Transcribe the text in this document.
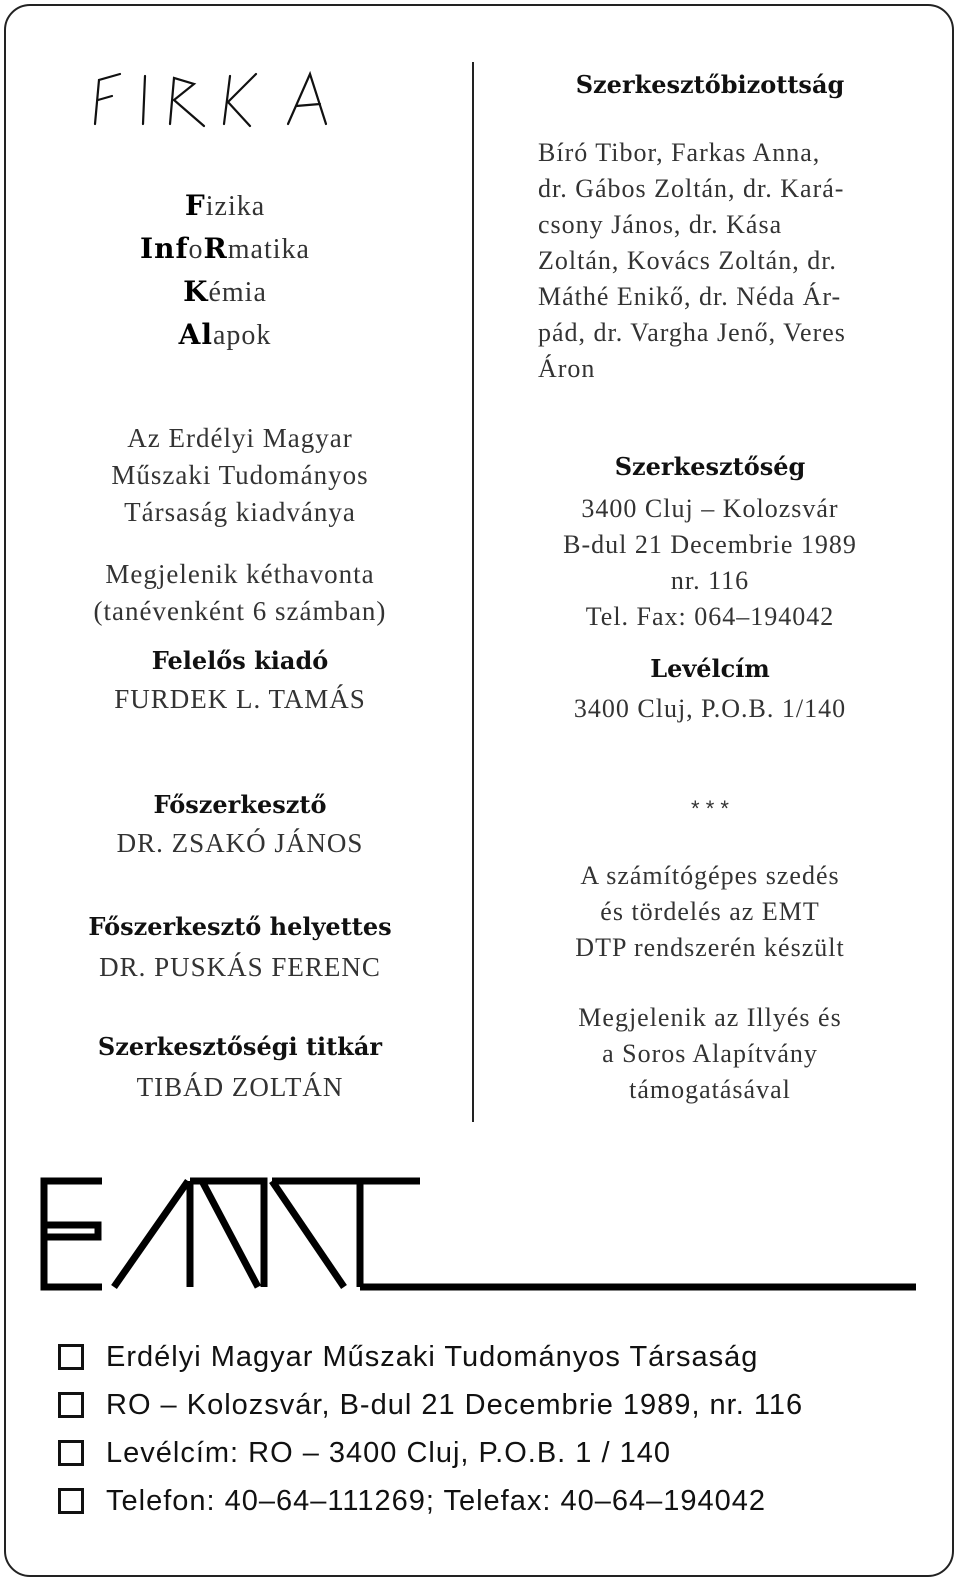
Fizika
InfoRmatika
Kémia
Alapok
Az Erdélyi Magyar
Műszaki Tudományos
Társaság kiadványa
Megjelenik kéthavonta
(tanévenként 6 számban)
Felelős kiadó
FURDEK L. TAMÁS
Főszerkesztő
DR. ZSAKÓ JÁNOS
Főszerkesztő helyettes
DR. PUSKÁS FERENC
Szerkesztőségi titkár
TIBÁD ZOLTÁN
Szerkesztőbizottság
Bíró Tibor, Farkas Anna,
dr. Gábos Zoltán, dr. Kará-
csony János, dr. Kása
Zoltán, Kovács Zoltán, dr.
Máthé Enikő, dr. Néda Ár-
pád, dr. Vargha Jenő, Veres
Áron
Szerkesztőség
3400 Cluj – Kolozsvár
B-dul 21 Decembrie 1989
nr. 116
Tel. Fax: 064–194042
Levélcím
3400 Cluj, P.O.B. 1/140
* * *
A számítógépes szedés
és tördelés az EMT
DTP rendszerén készült
Megjelenik az Illyés és
a Soros Alapítvány
támogatásával
Erdélyi Magyar Műszaki Tudományos Társaság
RO – Kolozsvár, B-dul 21 Decembrie 1989, nr. 116
Levélcím: RO – 3400 Cluj, P.O.B. 1 / 140
Telefon: 40–64–111269; Telefax: 40–64–194042
